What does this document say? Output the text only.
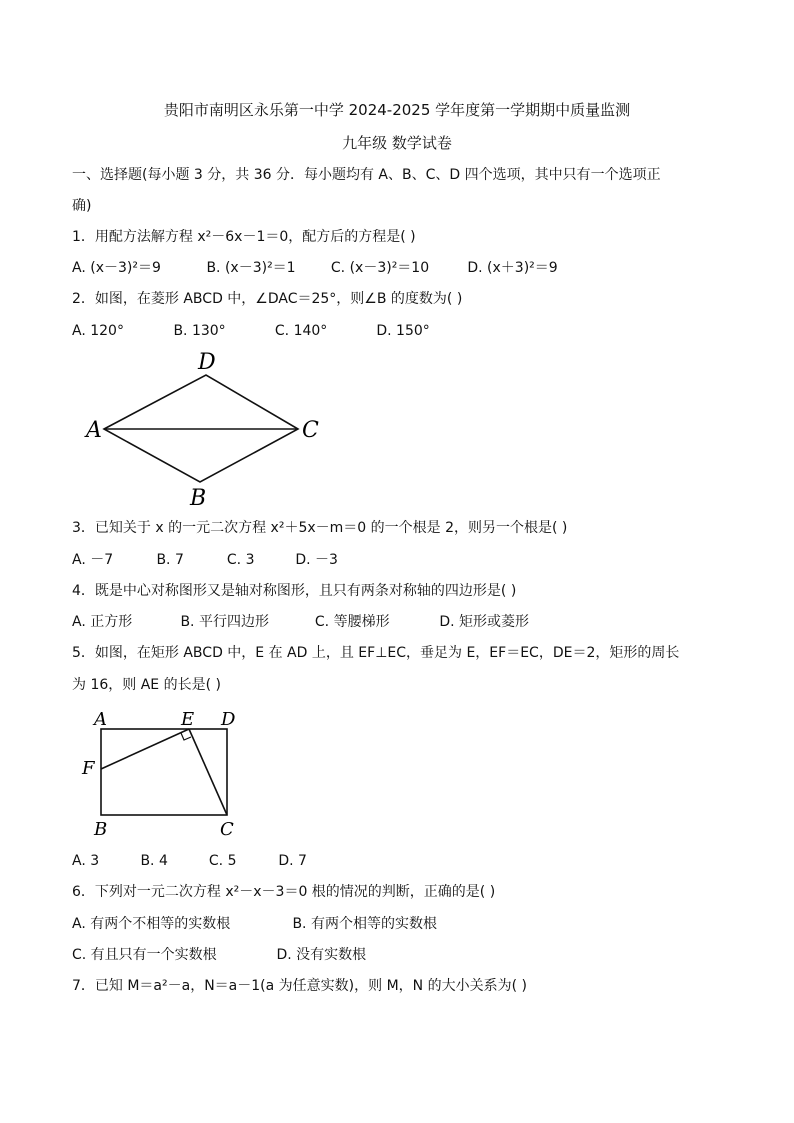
贵阳市南明区永乐第一中学 2024-2025 学年度第一学期期中质量监测
九年级 数学试卷
一、选择题(每小题 3 分，共 36 分．每小题均有 A、B、C、D 四个选项，其中只有一个选项正
确)
1．用配方法解方程 x²－6x－1＝0，配方后的方程是( )
A. (x－3)²＝9	B. (x－3)²＝1	C. (x－3)²＝10	D. (x＋3)²＝9
2．如图，在菱形 ABCD 中，∠DAC＝25°，则∠B 的度数为( )
A. 120°	B. 130°	C. 140°	D. 150°
D
A	C
B
3．已知关于 x 的一元二次方程 x²＋5x－m＝0 的一个根是 2，则另一个根是( )
A. －7	B. 7	C. 3	D. －3
4．既是中心对称图形又是轴对称图形，且只有两条对称轴的四边形是( )
A. 正方形	B. 平行四边形	C. 等腰梯形	D. 矩形或菱形
5．如图，在矩形 ABCD 中，E 在 AD 上，且 EF⊥EC，垂足为 E，EF＝EC，DE＝2，矩形的周长
为 16，则 AE 的长是( )
A	E D
F
B	C
A. 3	B. 4	C. 5	D. 7
6．下列对一元二次方程 x²－x－3＝0 根的情况的判断，正确的是( )
A. 有两个不相等的实数根	B. 有两个相等的实数根
C. 有且只有一个实数根	D. 没有实数根
7．已知 M＝a²－a，N＝a－1(a 为任意实数)，则 M，N 的大小关系为( )
